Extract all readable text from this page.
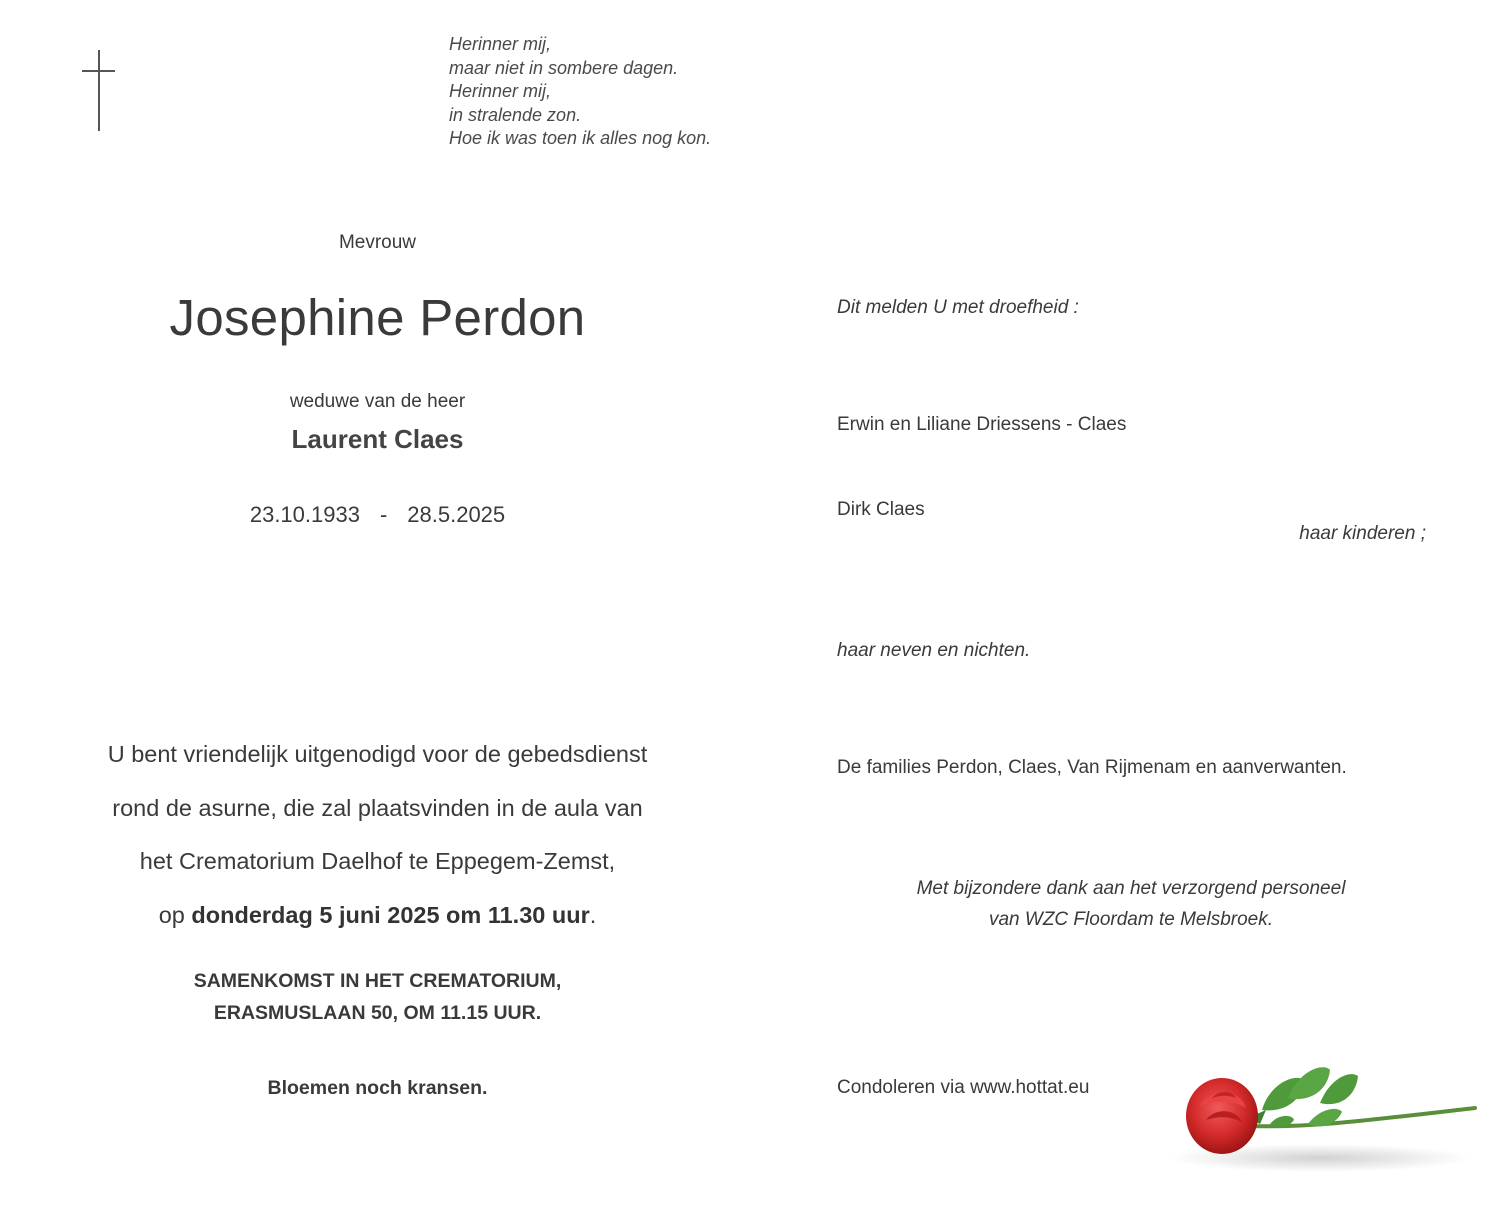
Herinner mij,
maar niet in sombere dagen.
Herinner mij,
in stralende zon.
Hoe ik was toen ik alles nog kon.
Mevrouw
Josephine Perdon
weduwe van de heer
Laurent Claes
23.10.1933 - 28.5.2025

U bent vriendelijk uitgenodigd voor de gebedsdienst

rond de asurne, die zal plaatsvinden in de aula van

het Crematorium Daelhof te Eppegem-Zemst,

op donderdag 5 juni 2025 om 11.30 uur.

SAMENKOMST IN HET CREMATORIUM,
ERASMUSLAAN 50, OM 11.15 UUR.
Bloemen noch kransen.
Dit melden U met droefheid :
Erwin en Liliane Driessens - Claes
Dirk Claes
haar kinderen ;
haar neven en nichten.
De families Perdon, Claes, Van Rijmenam en aanverwanten.
Met bijzondere dank aan het verzorgend personeel
van WZC Floordam te Melsbroek.
Condoleren via www.hottat.eu
